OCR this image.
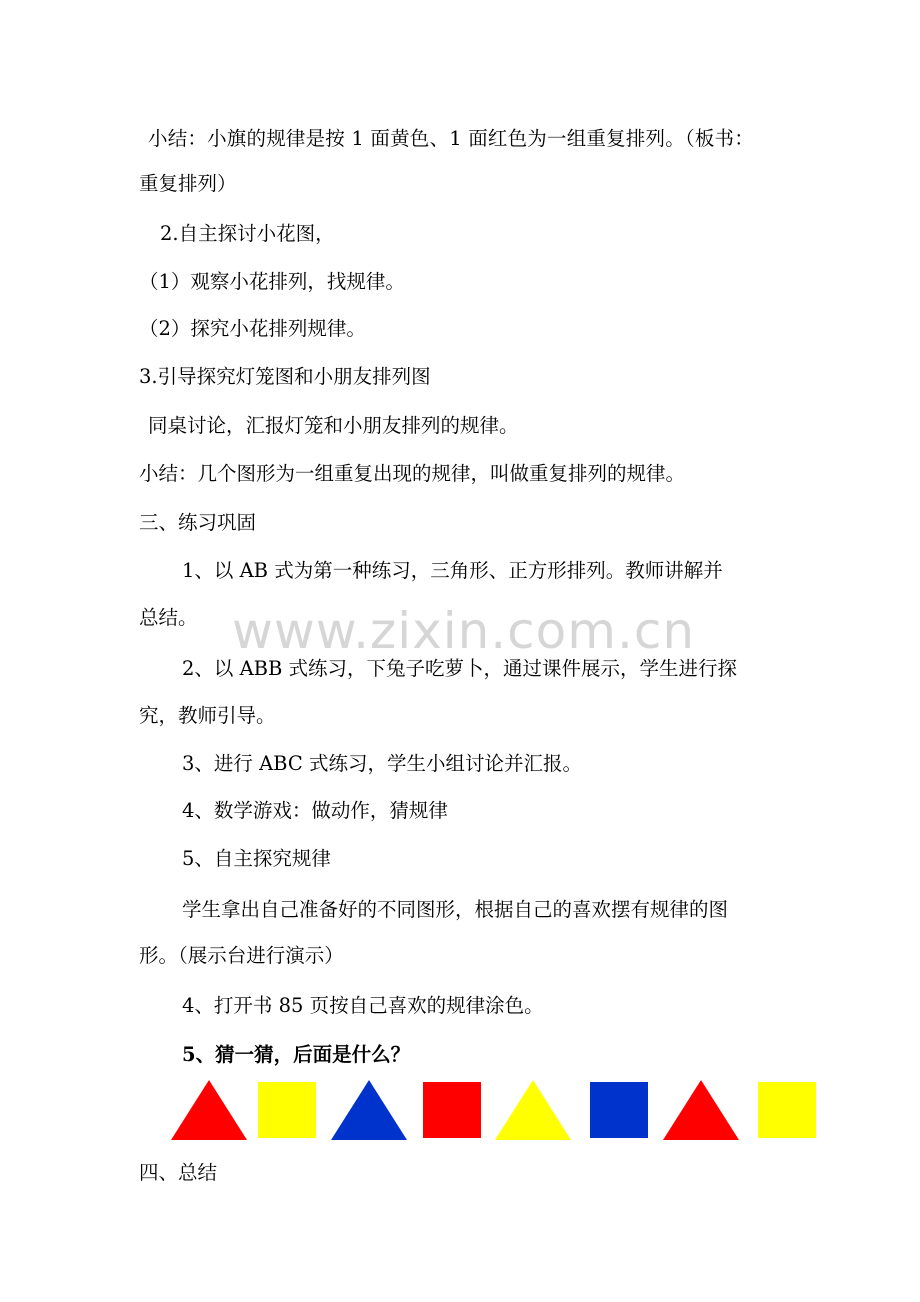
www.zixin.com.cn
小结：小旗的规律是按 1 面黄色、1 面红色为一组重复排列。（板书：
重复排列）
2.自主探讨小花图，
（1）观察小花排列，找规律。
（2）探究小花排列规律。
3.引导探究灯笼图和小朋友排列图
同桌讨论，汇报灯笼和小朋友排列的规律。
小结：几个图形为一组重复出现的规律，叫做重复排列的规律。
三、练习巩固
1、以 AB 式为第一种练习，三角形、正方形排列。教师讲解并
总结。
2、以 ABB 式练习，下兔子吃萝卜，通过课件展示，学生进行探
究，教师引导。
3、进行 ABC 式练习，学生小组讨论并汇报。
4、数学游戏：做动作，猜规律
5、自主探究规律
学生拿出自己准备好的不同图形，根据自己的喜欢摆有规律的图
形。（展示台进行演示）
4、打开书 85 页按自己喜欢的规律涂色。
5、猜一猜，后面是什么？
四、总结
